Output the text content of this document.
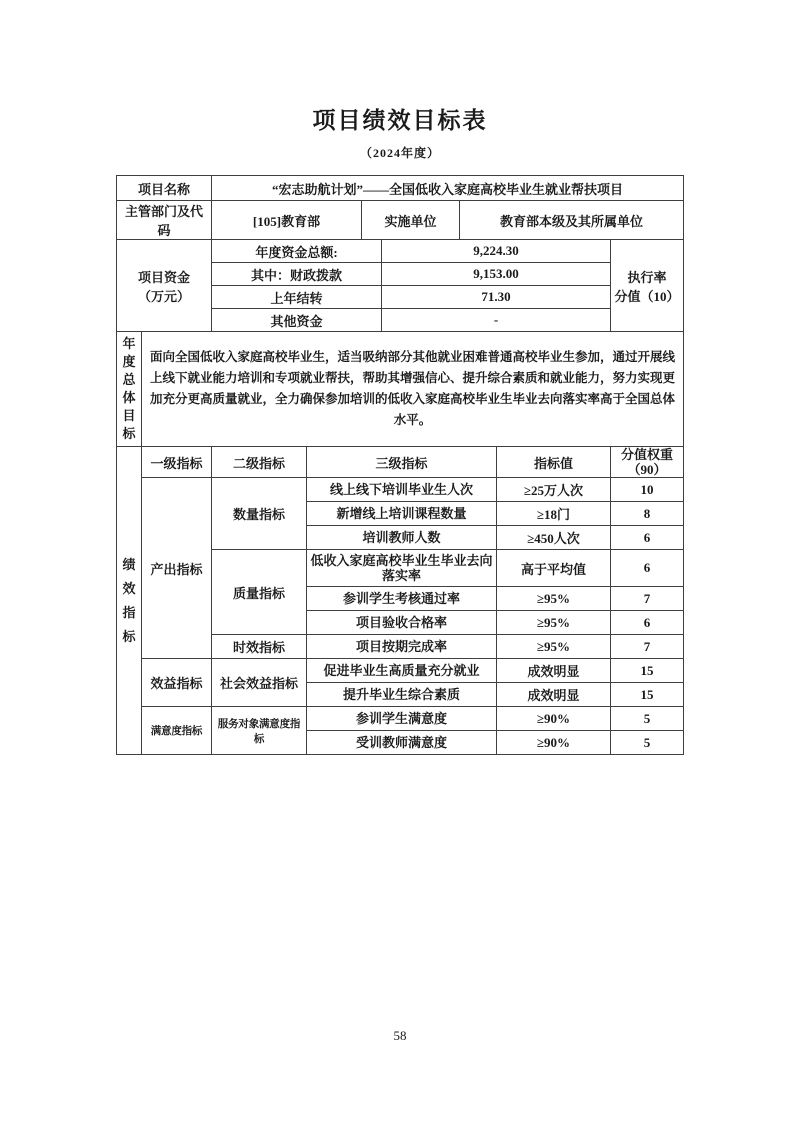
项目绩效目标表
（2024年度）
项目名称		“宏志助航计划”——全国低收入家庭高校毕业生就业帮扶项目						
主管部门及代码		[105]教育部		实施单位		教育部本级及其所属单位		

项目资金
（万元）		年度资金总额:			9,224.30			执行率
分值（10）

		其中：财政拨款			9,153.00			
		上年结转			71.30			
		其他资金			-			
年度总体目标	面向全国低收入家庭高校毕业生，适当吸纳部分其他就业困难普通高校毕业生参加，通过开展线上线下就业能力培训和专项就业帮扶，帮助其增强信心、提升综合素质和就业能力，努力实现更加充分更高质量就业，全力确保参加培训的低收入家庭高校毕业生毕业去向落实率高于全国总体水平。							
绩效指标	一级指标	二级指标	三级指标				指标值	分值权重
（90）

	产出指标	数量指标	线上线下培训毕业生人次				≥25万人次	10
			新增线上培训课程数量				≥18门	8
			培训教师人数				≥450人次	6
		质量指标	低收入家庭高校毕业生毕业去向落实率				高于平均值	6
			参训学生考核通过率				≥95%	7
			项目验收合格率				≥95%	6
		时效指标	项目按期完成率				≥95%	7
	效益指标	社会效益指标	促进毕业生高质量充分就业				成效明显	15
			提升毕业生综合素质				成效明显	15
	满意度指标	服务对象满意度指标	参训学生满意度				≥90%	5
			受训教师满意度				≥90%	5
58
